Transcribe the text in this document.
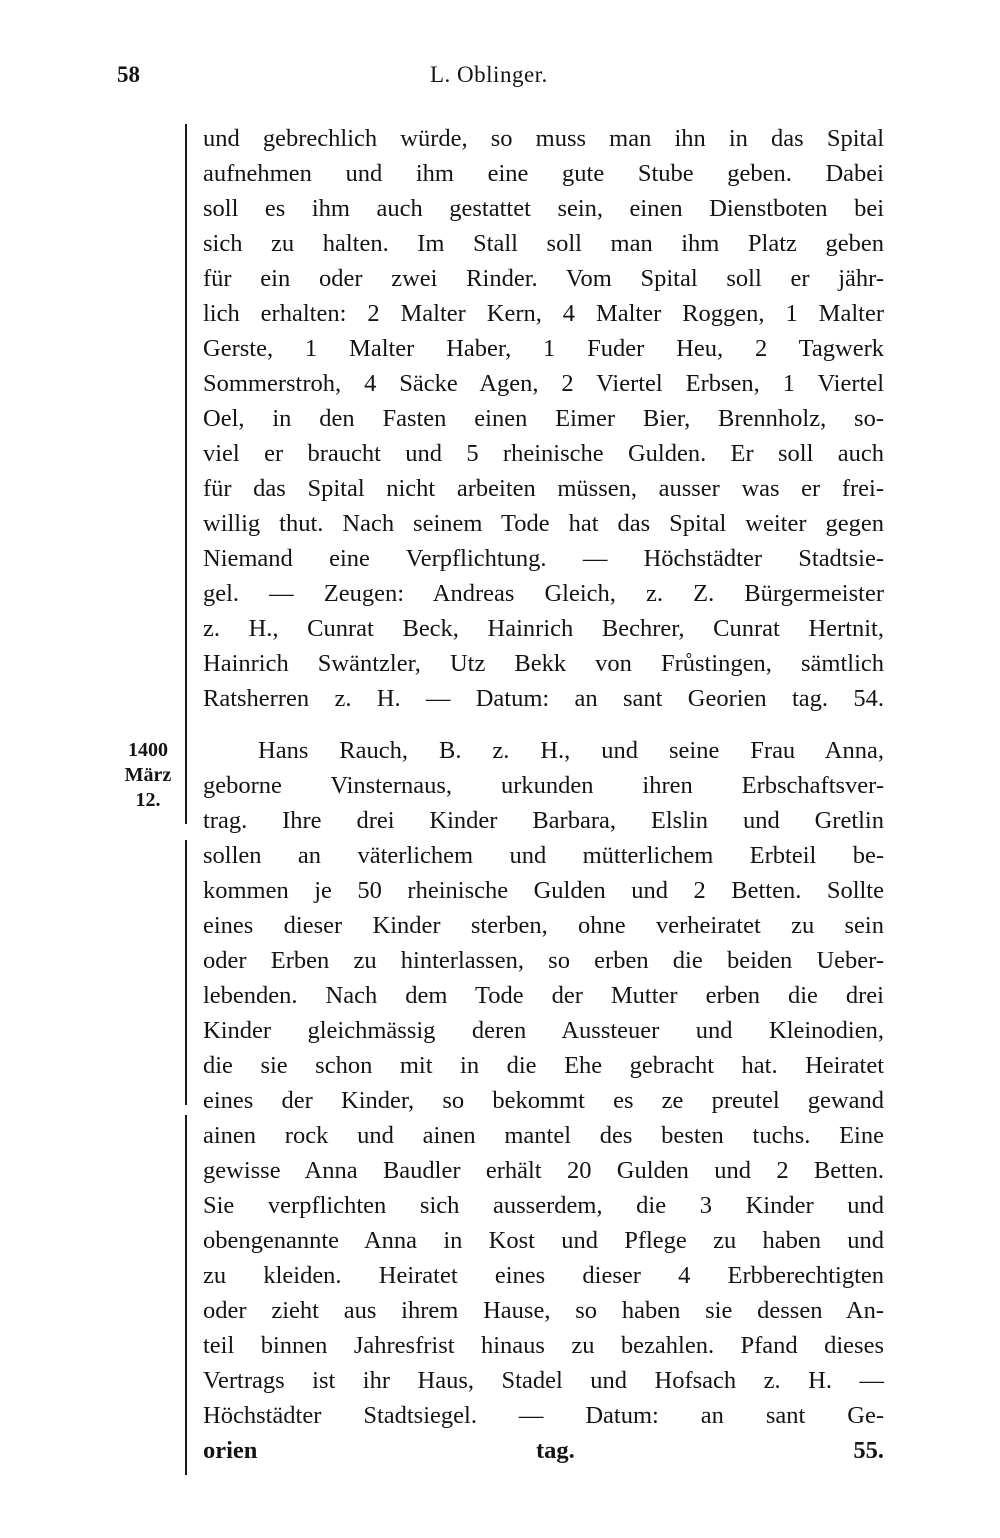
58	L. Oblinger.
1400
März
12.
und gebrechlich würde, so muss man ihn in das Spital
aufnehmen und ihm eine gute Stube geben. Dabei
soll es ihm auch gestattet sein, einen Dienstboten bei
sich zu halten. Im Stall soll man ihm Platz geben
für ein oder zwei Rinder. Vom Spital soll er jähr-
lich erhalten: 2 Malter Kern, 4 Malter Roggen, 1 Malter
Gerste, 1 Malter Haber, 1 Fuder Heu, 2 Tagwerk
Sommerstroh, 4 Säcke Agen, 2 Viertel Erbsen, 1 Viertel
Oel, in den Fasten einen Eimer Bier, Brennholz, so-
viel er braucht und 5 rheinische Gulden. Er soll auch
für das Spital nicht arbeiten müssen, ausser was er frei-
willig thut. Nach seinem Tode hat das Spital weiter gegen
Niemand eine Verpflichtung. — Höchstädter Stadtsie-
gel. — Zeugen: Andreas Gleich, z. Z. Bürgermeister
z. H., Cunrat Beck, Hainrich Bechrer, Cunrat Hertnit,
Hainrich Swäntzler, Utz Bekk von Frůstingen, sämtlich
Ratsherren z. H. — Datum: an sant Georien tag. 54.
Hans Rauch, B. z. H., und seine Frau Anna,
geborne Vinsternaus, urkunden ihren Erbschaftsver-
trag. Ihre drei Kinder Barbara, Elslin und Gretlin
sollen an väterlichem und mütterlichem Erbteil be-
kommen je 50 rheinische Gulden und 2 Betten. Sollte
eines dieser Kinder sterben, ohne verheiratet zu sein
oder Erben zu hinterlassen, so erben die beiden Ueber-
lebenden. Nach dem Tode der Mutter erben die drei
Kinder gleichmässig deren Aussteuer und Kleinodien,
die sie schon mit in die Ehe gebracht hat. Heiratet
eines der Kinder, so bekommt es ze preutel gewand
ainen rock und ainen mantel des besten tuchs. Eine
gewisse Anna Baudler erhält 20 Gulden und 2 Betten.
Sie verpflichten sich ausserdem, die 3 Kinder und
obengenannte Anna in Kost und Pflege zu haben und
zu kleiden. Heiratet eines dieser 4 Erbberechtigten
oder zieht aus ihrem Hause, so haben sie dessen An-
teil binnen Jahresfrist hinaus zu bezahlen. Pfand dieses
Vertrags ist ihr Haus, Stadel und Hofsach z. H. —
Höchstädter Stadtsiegel. — Datum: an sant Ge-
orien tag. 55.
